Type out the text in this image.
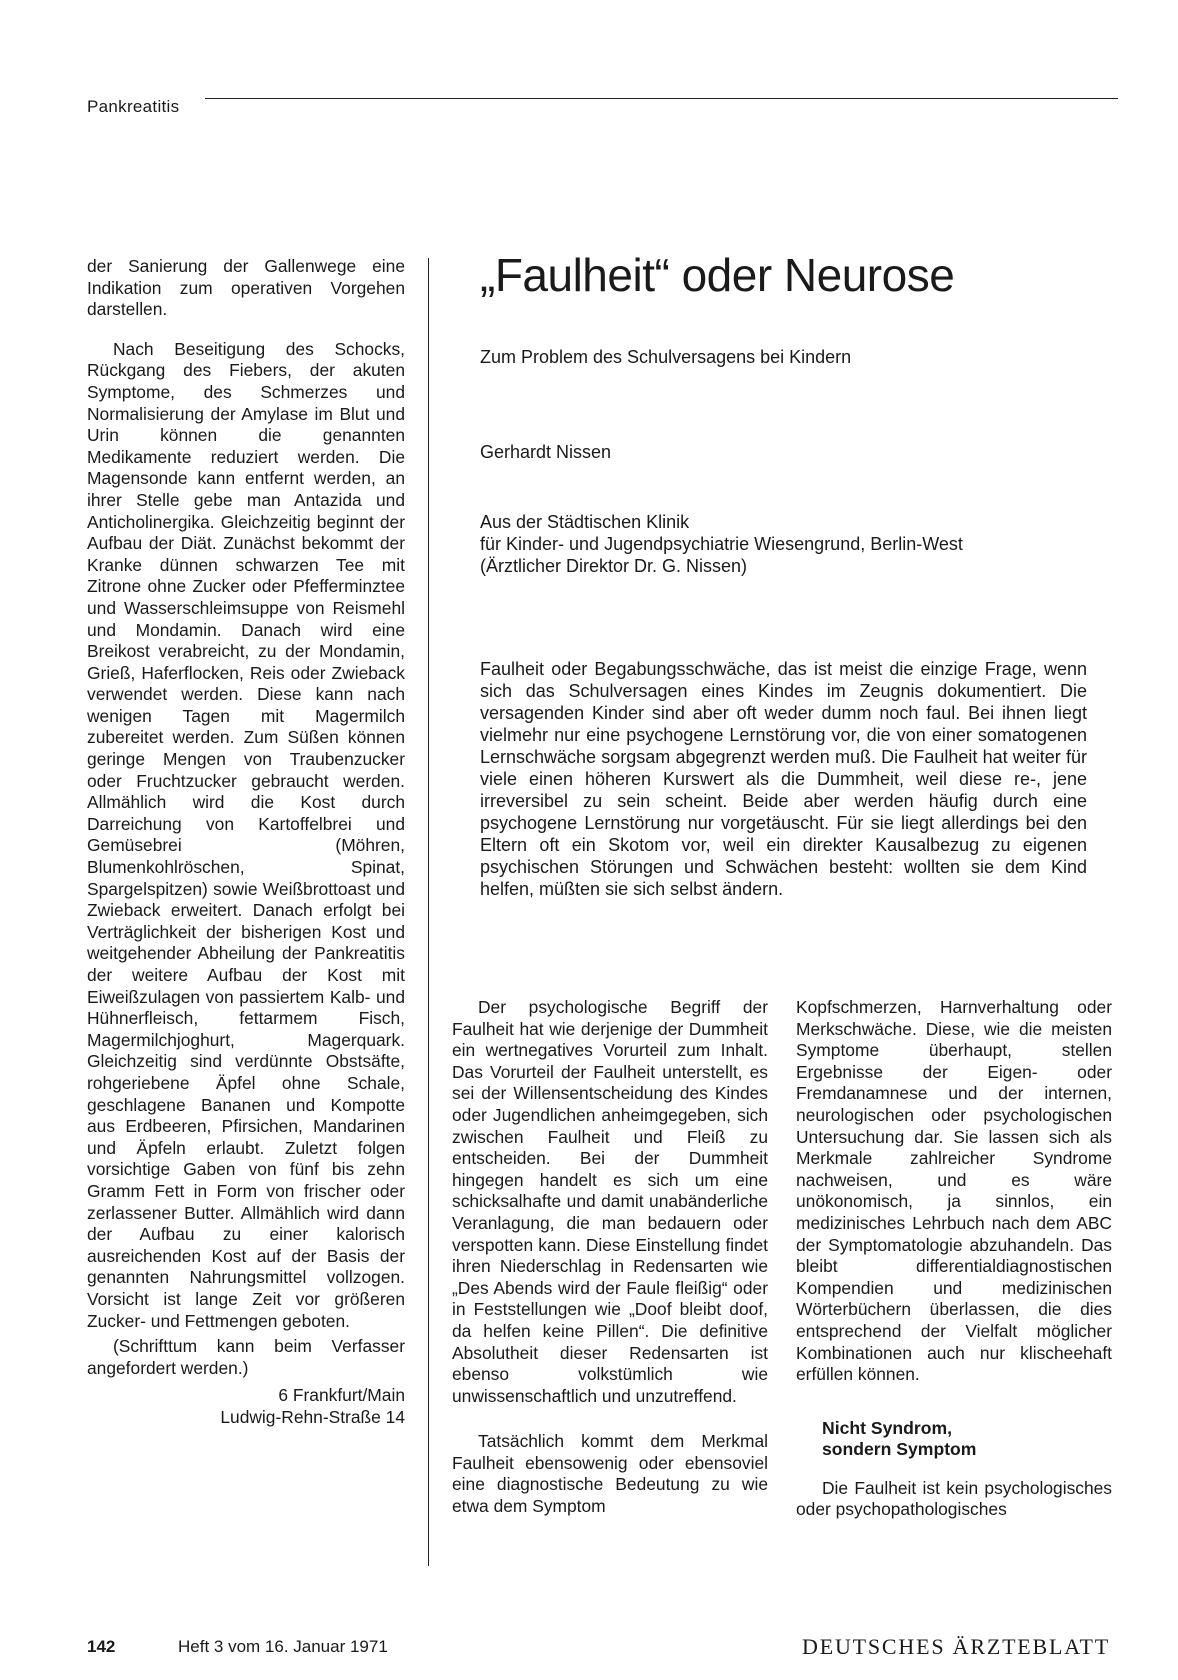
Pankreatitis

der Sanierung der Gallenwege eine Indikation zum operativen Vorgehen darstellen.

Nach Beseitigung des Schocks, Rückgang des Fiebers, der akuten Symptome, des Schmerzes und Normalisierung der Amylase im Blut und Urin können die genannten Medikamente reduziert werden. Die Magensonde kann entfernt werden, an ihrer Stelle gebe man Antazida und Anticholinergika. Gleichzeitig beginnt der Aufbau der Diät. Zunächst bekommt der Kranke dünnen schwarzen Tee mit Zitrone ohne Zucker oder Pfefferminztee und Wasserschleimsuppe von Reismehl und Mondamin. Danach wird eine Breikost verabreicht, zu der Mondamin, Grieß, Haferflocken, Reis oder Zwieback verwendet werden. Diese kann nach wenigen Tagen mit Magermilch zubereitet werden. Zum Süßen können geringe Mengen von Traubenzucker oder Fruchtzucker gebraucht werden. Allmählich wird die Kost durch Darreichung von Kartoffelbrei und Gemüsebrei (Möhren, Blumenkohlröschen, Spinat, Spargelspitzen) sowie Weißbrottoast und Zwieback erweitert. Danach erfolgt bei Verträglichkeit der bisherigen Kost und weitgehender Abheilung der Pankreatitis der weitere Aufbau der Kost mit Eiweißzulagen von passiertem Kalb- und Hühnerfleisch, fettarmem Fisch, Magermilchjoghurt, Magerquark. Gleichzeitig sind verdünnte Obstsäfte, rohgeriebene Äpfel ohne Schale, geschlagene Bananen und Kompotte aus Erdbeeren, Pfirsichen, Mandarinen und Äpfeln erlaubt. Zuletzt folgen vorsichtige Gaben von fünf bis zehn Gramm Fett in Form von frischer oder zerlassener Butter. Allmählich wird dann der Aufbau zu einer kalorisch ausreichenden Kost auf der Basis der genannten Nahrungsmittel vollzogen. Vorsicht ist lange Zeit vor größeren Zucker- und Fettmengen geboten.

(Schrifttum kann beim Verfasser angefordert werden.)

6 Frankfurt/Main

Ludwig-Rehn-Straße 14

„Faulheit“ oder Neurose
Zum Problem des Schulversagens bei Kindern
Gerhardt Nissen
Aus der Städtischen Klinik
für Kinder- und Jugendpsychiatrie Wiesengrund, Berlin-West
(Ärztlicher Direktor Dr. G. Nissen)

Faulheit oder Begabungsschwäche, das ist meist die einzige Frage, wenn sich das Schulversagen eines Kindes im Zeugnis dokumentiert. Die versagenden Kinder sind aber oft weder dumm noch faul. Bei ihnen liegt vielmehr nur eine psychogene Lernstörung vor, die von einer somatogenen Lernschwäche sorgsam abgegrenzt werden muß. Die Faulheit hat weiter für viele einen höheren Kurswert als die Dummheit, weil diese re-, jene irreversibel zu sein scheint. Beide aber werden häufig durch eine psychogene Lernstörung nur vorgetäuscht. Für sie liegt allerdings bei den Eltern oft ein Skotom vor, weil ein direkter Kausalbezug zu eigenen psychischen Störungen und Schwächen besteht: wollten sie dem Kind helfen, müßten sie sich selbst ändern.

Der psychologische Begriff der Faulheit hat wie derjenige der Dummheit ein wertnegatives Vorurteil zum Inhalt. Das Vorurteil der Faulheit unterstellt, es sei der Willensentscheidung des Kindes oder Jugendlichen anheimgegeben, sich zwischen Faulheit und Fleiß zu entscheiden. Bei der Dummheit hingegen handelt es sich um eine schicksalhafte und damit unabänderliche Veranlagung, die man bedauern oder verspotten kann. Diese Einstellung findet ihren Niederschlag in Redensarten wie „Des Abends wird der Faule fleißig“ oder in Feststellungen wie „Doof bleibt doof, da helfen keine Pillen“. Die definitive Absolutheit dieser Redensarten ist ebenso volkstümlich wie unwissenschaftlich und unzutreffend.

Tatsächlich kommt dem Merkmal Faulheit ebensowenig oder ebensoviel eine diagnostische Bedeutung zu wie etwa dem Symptom

Kopfschmerzen, Harnverhaltung oder Merkschwäche. Diese, wie die meisten Symptome überhaupt, stellen Ergebnisse der Eigen- oder Fremdanamnese und der internen, neurologischen oder psychologischen Untersuchung dar. Sie lassen sich als Merkmale zahlreicher Syndrome nachweisen, und es wäre unökonomisch, ja sinnlos, ein medizinisches Lehrbuch nach dem ABC der Symptomatologie abzuhandeln. Das bleibt differentialdiagnostischen Kompendien und medizinischen Wörterbüchern überlassen, die dies entsprechend der Vielfalt möglicher Kombinationen auch nur klischeehaft erfüllen können.

Nicht Syndrom,
sondern Symptom

Die Faulheit ist kein psychologisches oder psychopathologisches

142	Heft 3 vom 16. Januar 1971	DEUTSCHES ÄRZTEBLATT
